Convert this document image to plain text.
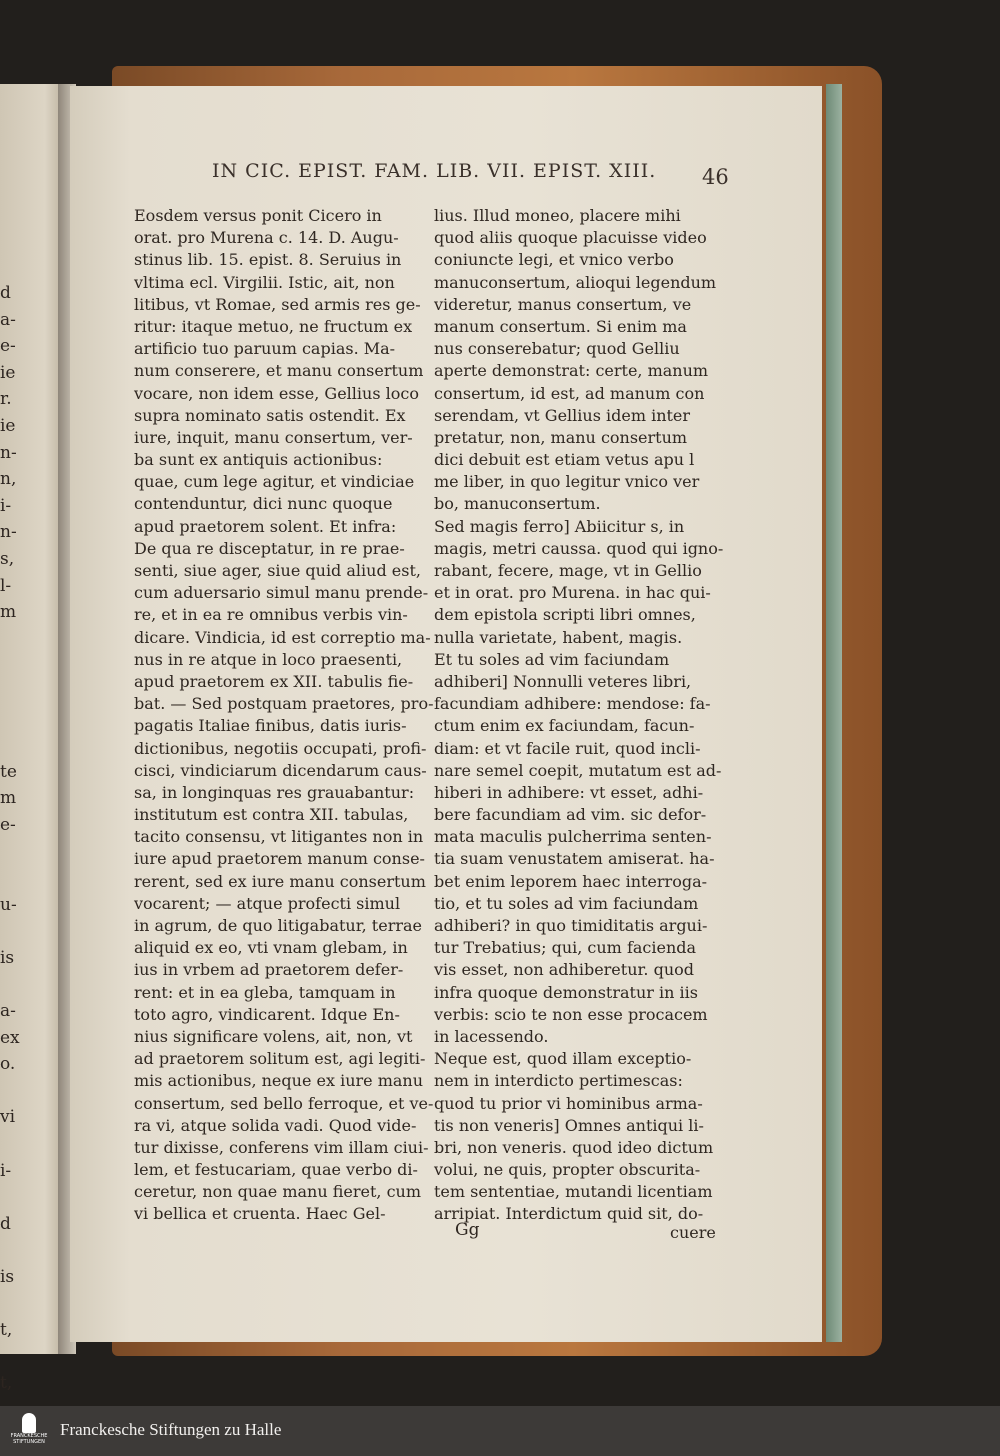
d
a-
e-
ie
r.
ie
n-
n,
i-
n-
s,
l-
m

te
m
e-

u-

is

a-
ex
o.

vi

i-

d

is

t,

t,

IN CIC. EPIST. FAM. LIB. VII. EPIST. XIII.	46
Eosdem versus ponit Cicero in
orat. pro Murena c. 14. D. Augu-
stinus lib. 15. epist. 8. Seruius in
vltima ecl. Virgilii. Istic, ait, non
litibus, vt Romae, sed armis res ge-
ritur: itaque metuo, ne fructum ex
artificio tuo paruum capias. Ma-
num conserere, et manu consertum
vocare, non idem esse, Gellius loco
supra nominato satis ostendit. Ex
iure, inquit, manu consertum, ver-
ba sunt ex antiquis actionibus:
quae, cum lege agitur, et vindiciae
contenduntur, dici nunc quoque
apud praetorem solent. Et infra:
De qua re disceptatur, in re prae-
senti, siue ager, siue quid aliud est,
cum aduersario simul manu prende-
re, et in ea re omnibus verbis vin-
dicare. Vindicia, id est correptio ma-
nus in re atque in loco praesenti,
apud praetorem ex XII. tabulis fie-
bat. — Sed postquam praetores, pro-
pagatis Italiae finibus, datis iuris-
dictionibus, negotiis occupati, profi-
cisci, vindiciarum dicendarum caus-
sa, in longinquas res grauabantur:
institutum est contra XII. tabulas,
tacito consensu, vt litigantes non in
iure apud praetorem manum conse-
rerent, sed ex iure manu consertum
vocarent; — atque profecti simul
in agrum, de quo litigabatur, terrae
aliquid ex eo, vti vnam glebam, in
ius in vrbem ad praetorem defer-
rent: et in ea gleba, tamquam in
toto agro, vindicarent. Idque En-
nius significare volens, ait, non, vt
ad praetorem solitum est, agi legiti-
mis actionibus, neque ex iure manu
consertum, sed bello ferroque, et ve-
ra vi, atque solida vadi. Quod vide-
tur dixisse, conferens vim illam ciui-
lem, et festucariam, quae verbo di-
ceretur, non quae manu fieret, cum
vi bellica et cruenta. Haec Gel-
lius. Illud moneo, placere mihi
quod aliis quoque placuisse video
coniuncte legi, et vnico verbo
manuconsertum, alioqui legendum
videretur, manus consertum, ve
manum consertum. Si enim ma
nus conserebatur; quod Gelliu
aperte demonstrat: certe, manum
consertum, id est, ad manum con
serendam, vt Gellius idem inter
pretatur, non, manu consertum
dici debuit est etiam vetus apu l
me liber, in quo legitur vnico ver
bo, manuconsertum.
Sed magis ferro] Abiicitur s, in
magis, metri caussa. quod qui igno-
rabant, fecere, mage, vt in Gellio
et in orat. pro Murena. in hac qui-
dem epistola scripti libri omnes,
nulla varietate, habent, magis.
Et tu soles ad vim faciundam
adhiberi] Nonnulli veteres libri,
facundiam adhibere: mendose: fa-
ctum enim ex faciundam, facun-
diam: et vt facile ruit, quod incli-
nare semel coepit, mutatum est ad-
hiberi in adhibere: vt esset, adhi-
bere facundiam ad vim. sic defor-
mata maculis pulcherrima senten-
tia suam venustatem amiserat. ha-
bet enim leporem haec interroga-
tio, et tu soles ad vim faciundam
adhiberi? in quo timiditatis argui-
tur Trebatius; qui, cum facienda
vis esset, non adhiberetur. quod
infra quoque demonstratur in iis
verbis: scio te non esse procacem
in lacessendo.
Neque est, quod illam exceptio-
nem in interdicto pertimescas:
quod tu prior vi hominibus arma-
tis non veneris] Omnes antiqui li-
bri, non veneris. quod ideo dictum
volui, ne quis, propter obscurita-
tem sententiae, mutandi licentiam
arripiat. Interdictum quid sit, do-
Gg	cuere
FRANCKESCHE
STIFTUNGEN
Franckesche Stiftungen zu Halle
